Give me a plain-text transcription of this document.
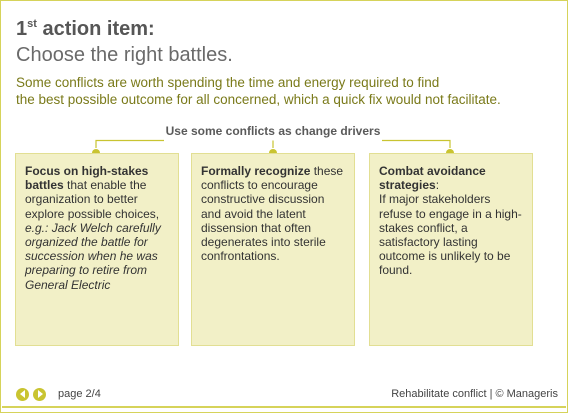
1st action item:
Choose the right battles.

Some conflicts are worth spending the time and energy required to find
the best possible outcome for all concerned, which a quick fix would not facilitate.

Use some conflicts as change drivers

Focus on high-stakes battles that enable the organization to better explore possible choices,
e.g.: Jack Welch carefully organized the battle for succession when he was preparing to retire from General Electric

Formally recognize these conflicts to encourage constructive discussion and avoid the latent dissension that often degenerates into sterile confrontations.

Combat avoidance strategies:
If major stakeholders refuse to engage in a high-stakes conflict, a satisfactory lasting outcome is unlikely to be found.

page 2/4	Rehabilitate conflict | © Manageris
